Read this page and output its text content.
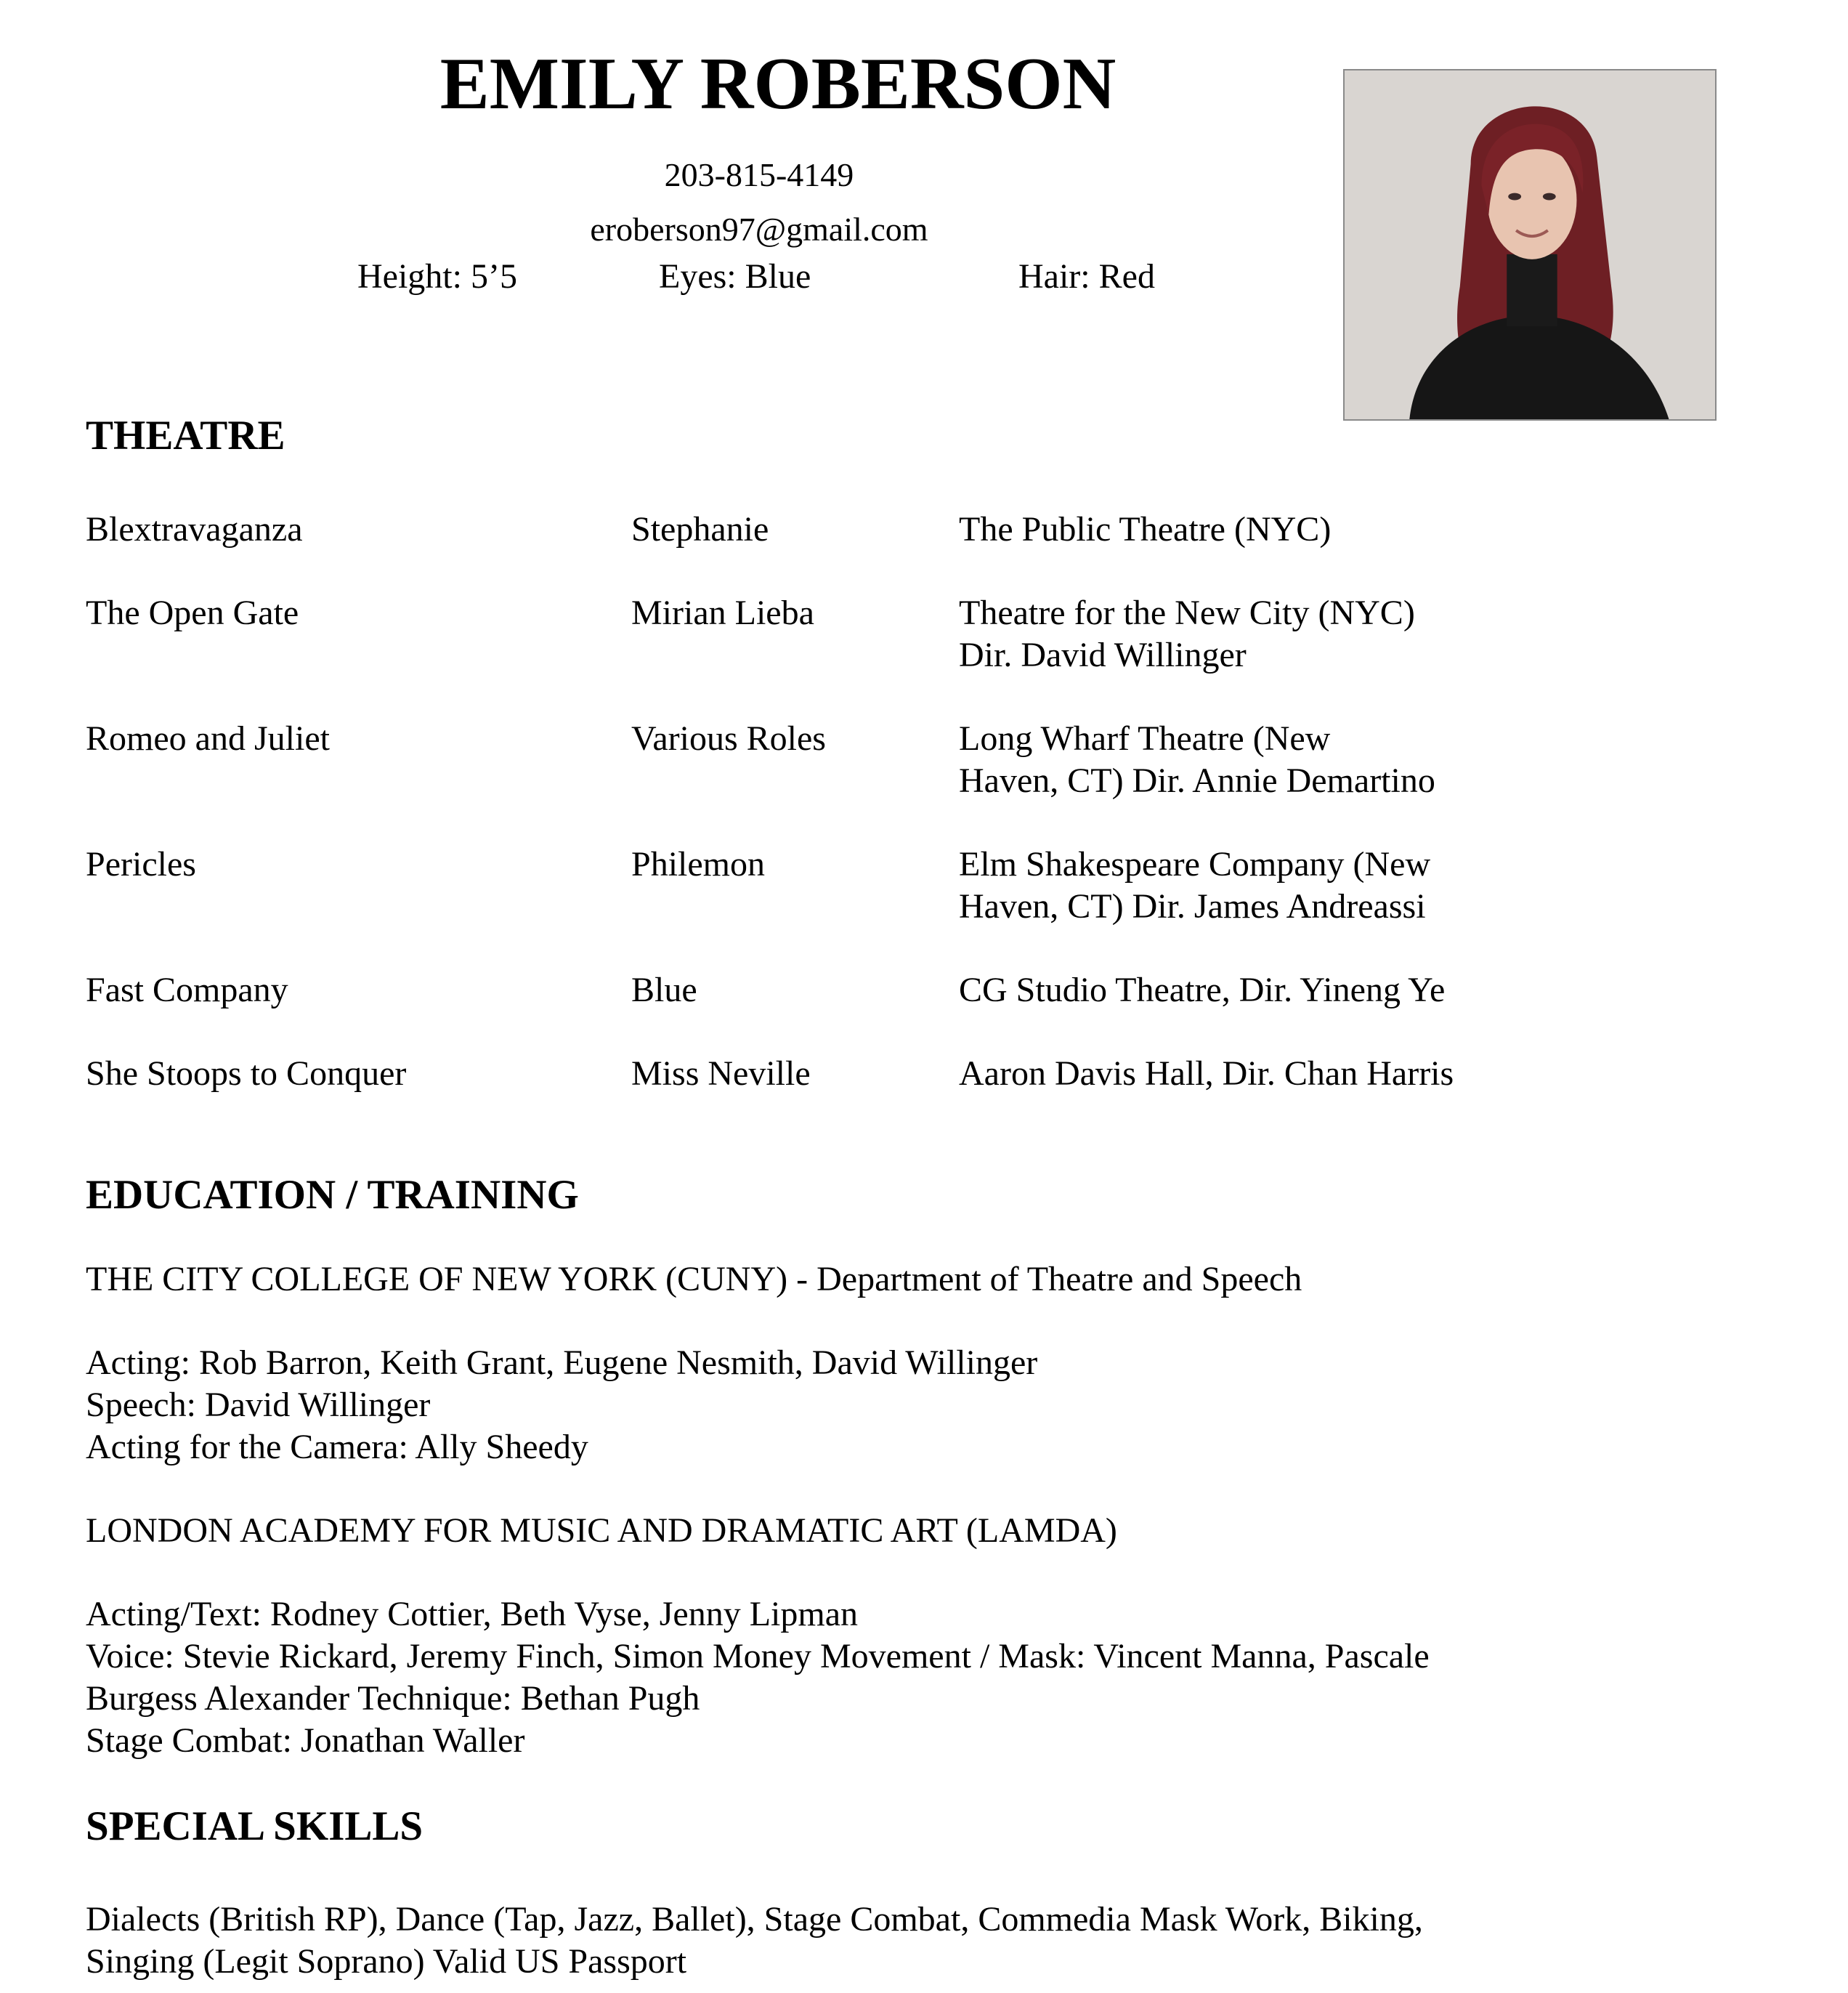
EMILY ROBERSON
203-815-4149
eroberson97@gmail.com
Height: 5’5	Eyes: Blue	Hair: Red
THEATRE
Blextravaganza	Stephanie	The Public Theatre (NYC)
The Open Gate	Mirian Lieba	Theatre for the New City (NYC)
Dir. David Willinger
Romeo and Juliet	Various Roles	Long Wharf Theatre (New
Haven, CT) Dir. Annie Demartino
Pericles	Philemon	Elm Shakespeare Company (New
Haven, CT) Dir. James Andreassi
Fast Company	Blue	CG Studio Theatre, Dir. Yineng Ye
She Stoops to Conquer	Miss Neville	Aaron Davis Hall, Dir. Chan Harris
EDUCATION / TRAINING
THE CITY COLLEGE OF NEW YORK (CUNY) - Department of Theatre and Speech
Acting: Rob Barron, Keith Grant, Eugene Nesmith, David Willinger
Speech: David Willinger
Acting for the Camera: Ally Sheedy
LONDON ACADEMY FOR MUSIC AND DRAMATIC ART (LAMDA)
Acting/Text: Rodney Cottier, Beth Vyse, Jenny Lipman
Voice: Stevie Rickard, Jeremy Finch, Simon Money Movement / Mask: Vincent Manna, Pascale
Burgess Alexander Technique: Bethan Pugh
Stage Combat: Jonathan Waller
SPECIAL SKILLS
Dialects (British RP), Dance (Tap, Jazz, Ballet), Stage Combat, Commedia Mask Work, Biking,
Singing (Legit Soprano) Valid US Passport
